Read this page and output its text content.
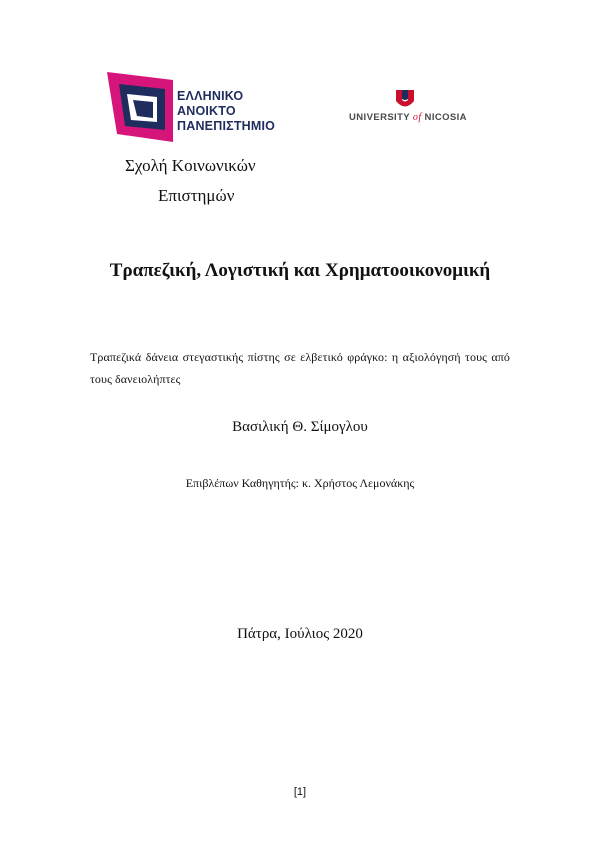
ΕΛΛΗΝΙΚΟ
ΑΝΟΙΚΤΟ
ΠΑΝΕΠΙΣΤΗΜΙΟ
UNIVERSITY of NICOSIA
Σχολή Κοινωνικών
Επιστημών
Τραπεζική, Λογιστική και Χρηματοοικονομική
Τραπεζικά δάνεια στεγαστικής πίστης σε ελβετικό φράγκο: η αξιολόγησή τους από τους δανειολήπτες
Βασιλική Θ. Σίμογλου
Επιβλέπων Καθηγητής: κ. Χρήστος Λεμονάκης
Πάτρα, Ιούλιος 2020
[1]
